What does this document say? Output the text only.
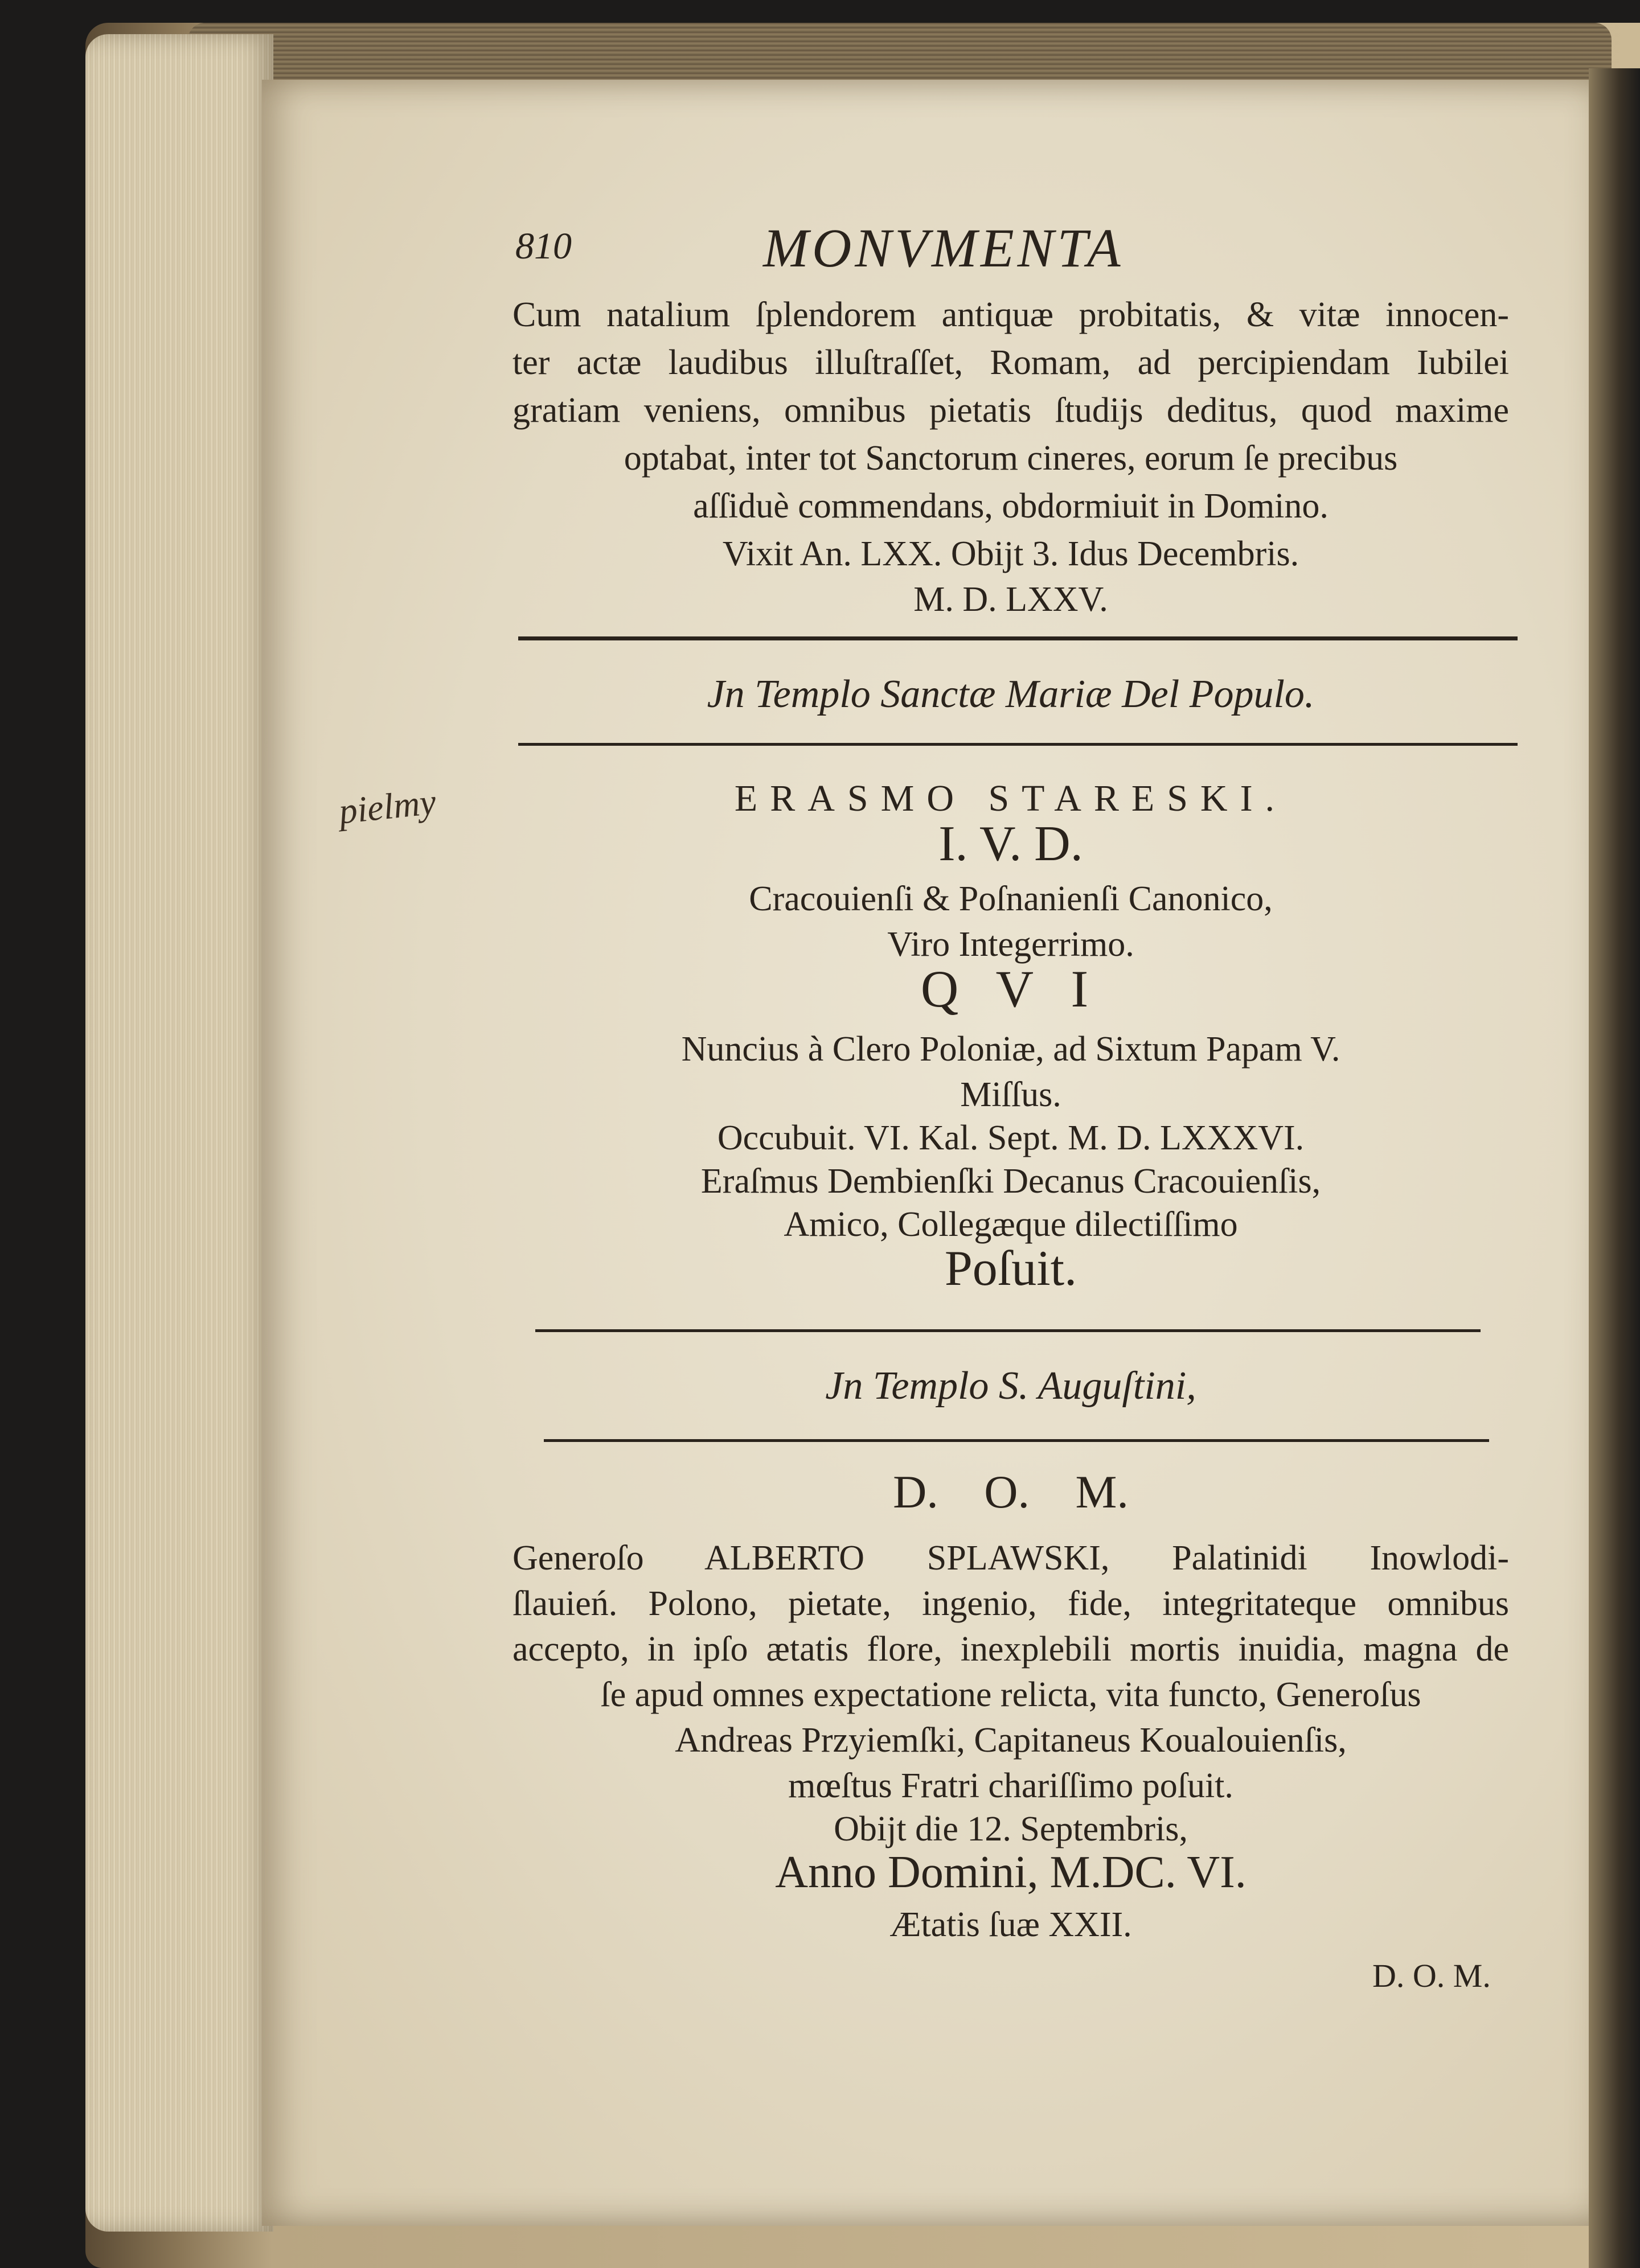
810	MONVMENTA
pielmy
Cum natalium ſplendorem antiquæ probitatis, & vitæ innocen-
ter actæ laudibus illuſtraſſet, Romam, ad percipiendam Iubilei
gratiam veniens, omnibus pietatis ſtudijs deditus, quod maxime
optabat, inter tot Sanctorum cineres, eorum ſe precibus
aſſiduè commendans, obdormiuit in Domino.
Vixit An. LXX. Obijt 3. Idus Decembris.
M. D. LXXV.
Jn Templo Sanctæ Mariæ Del Populo.
ERASMO STARESKI.
I. V. D.
Cracouienſi & Poſnanienſi Canonico,
Viro Integerrimo.
Q V I
Nuncius à Clero Poloniæ, ad Sixtum Papam V.
Miſſus.
Occubuit. VI. Kal. Sept. M. D. LXXXVI.
Eraſmus Dembienſki Decanus Cracouienſis,
Amico, Collegæque dilectiſſimo
Poſuit.
Jn Templo S. Auguſtini,
D. O. M.
Generoſo ALBERTO SPLAWSKI, Palatinidi Inowlodi-
ſlauień. Polono, pietate, ingenio, fide, integritateque omnibus
accepto, in ipſo ætatis flore, inexplebili mortis inuidia, magna de
ſe apud omnes expectatione relicta, vita functo, Generoſus
Andreas Przyiemſki, Capitaneus Koualouienſis,
mœſtus Fratri chariſſimo poſuit.
Obijt die 12. Septembris,
Anno Domini, M.DC. VI.
Ætatis ſuæ XXII.
D. O. M.
